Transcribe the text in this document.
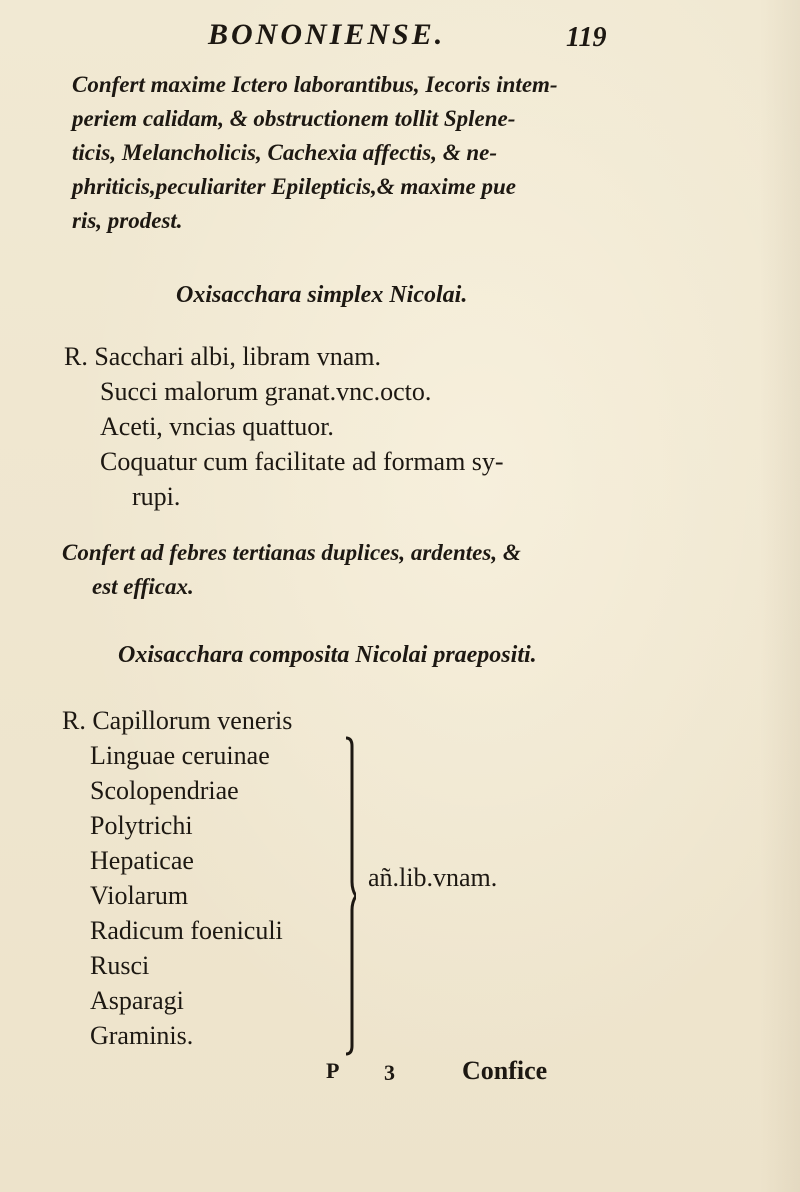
BONONIENSE.	119
Confert maxime Ictero laborantibus, Iecoris intem-
periem calidam, & obstructionem tollit Splene-
ticis, Melancholicis, Cachexia affectis, & ne-
phriticis,peculiariter Epilepticis,& maxime pue
ris, prodest.
Oxisacchara simplex Nicolai.
R. Sacchari albi, libram vnam.
Succi malorum granat.vnc.octo.
Aceti, vncias quattuor.
Coquatur cum facilitate ad formam sy-
rupi.
Confert ad febres tertianas duplices, ardentes, &
est efficax.
Oxisacchara composita Nicolai praepositi.
R. Capillorum veneris
Linguae ceruinae
Scolopendriae
Polytrichi
Hepaticae
Violarum
Radicum foeniculi
Rusci
Asparagi
Graminis.
añ.lib.vnam.
P 3	Confice
